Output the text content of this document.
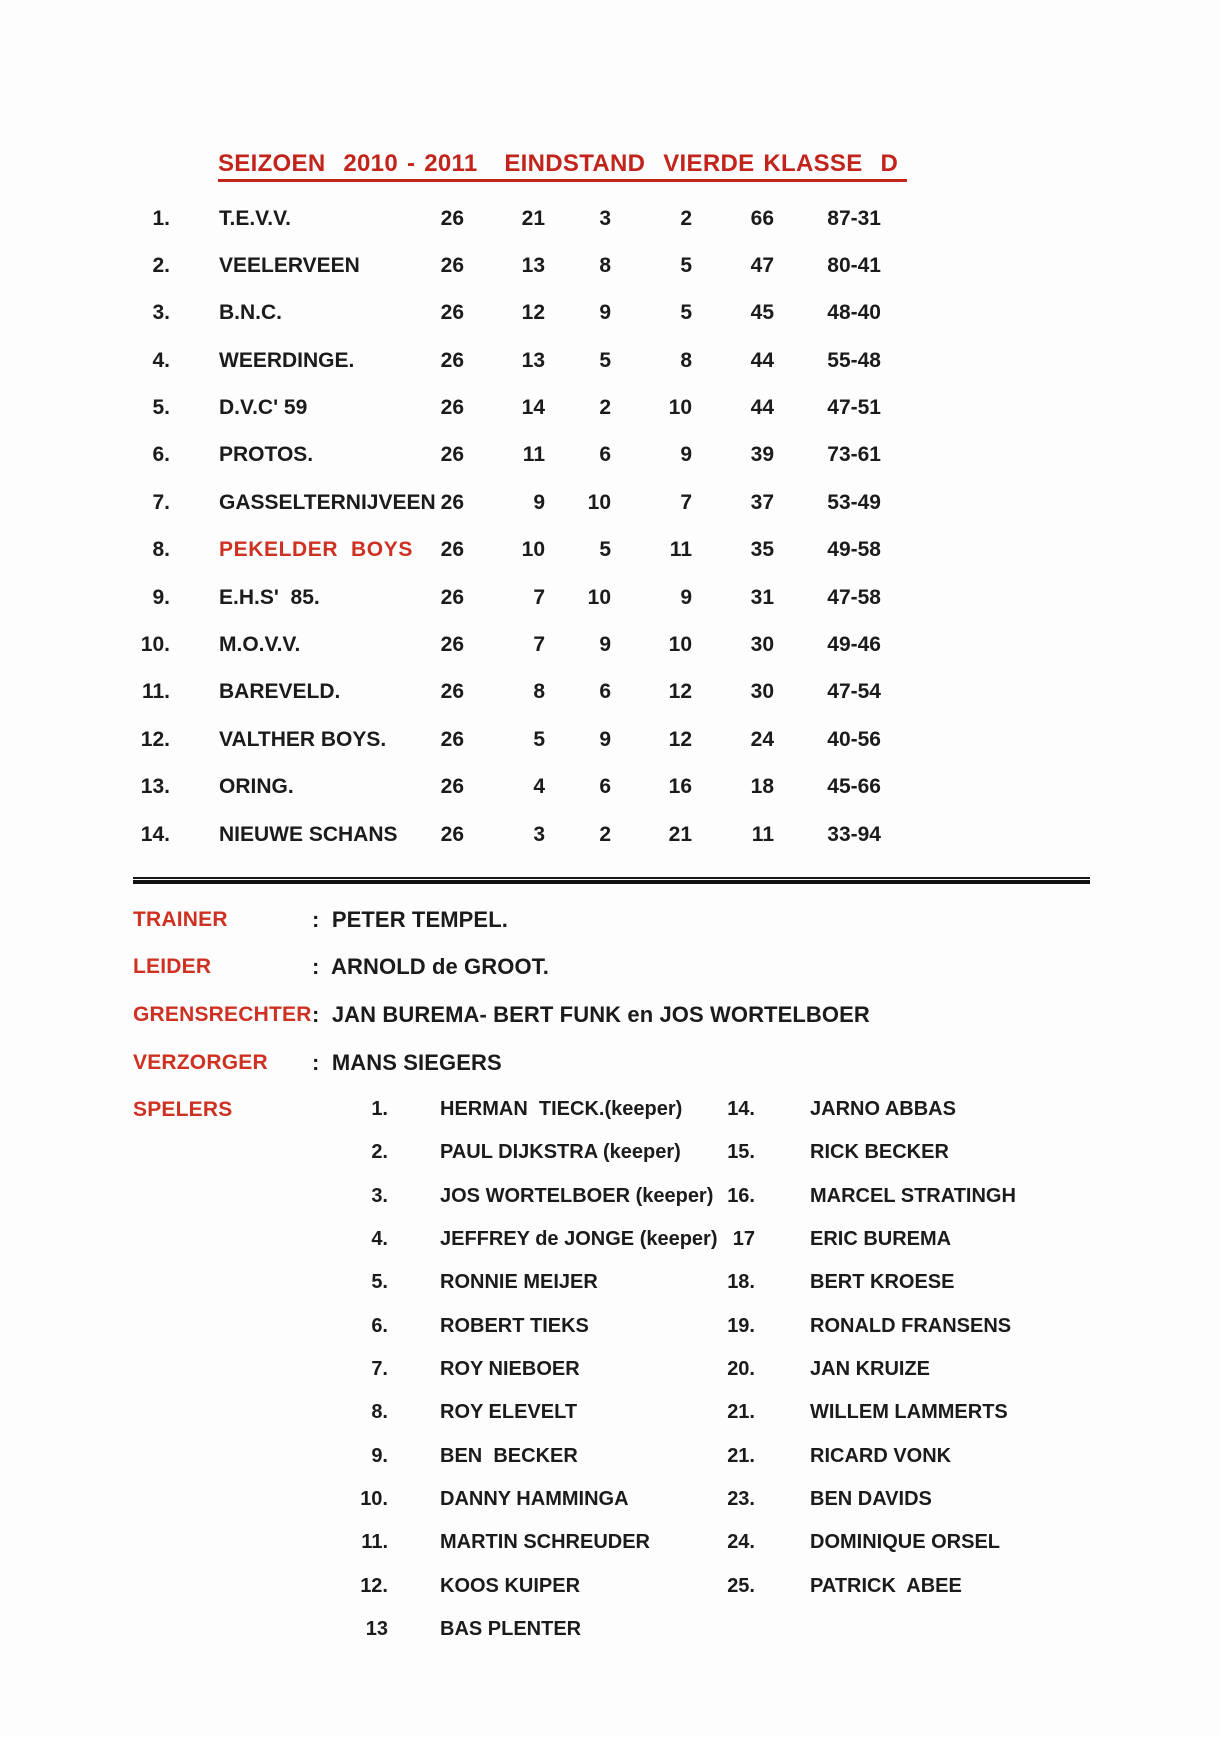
SEIZOEN  2010 - 2011   EINDSTAND  VIERDE KLASSE  D
1. T.E.V.V.	26	21	3	2	66	87-31
2. VEELERVEEN	26	13	8	5	47	80-41
3. B.N.C.	26	12	9	5	45	48-40
4. WEERDINGE.	26	13	5	8	44	55-48
5. D.V.C' 59	26	14	2	10	44	47-51
6. PROTOS.	26	11	6	9	39	73-61
7. GASSELTERNIJVEEN 26	9	10	7	37	53-49
8. PEKELDER  BOYS	26	10	5	11	35	49-58
9. E.H.S'  85.	26	7	10	9	31	47-58
10. M.O.V.V.	26	7	9	10	30	49-46
11. BAREVELD.	26	8	6	12	30	47-54
12. VALTHER BOYS.	26	5	9	12	24	40-56
13. ORING.	26	4	6	16	18	45-66
14. NIEUWE SCHANS	26	3	2	21	11	33-94
TRAINER	:  PETER TEMPEL.
LEIDER	:  ARNOLD de GROOT.
GRENSRECHTER :  JAN BUREMA- BERT FUNK en JOS WORTELBOER
VERZORGER :  MANS SIEGERS
SPELERS	1.	HERMAN  TIECK.(keeper)
2.	PAUL DIJKSTRA (keeper)
3.	JOS WORTELBOER (keeper)
4.	JEFFREY de JONGE (keeper)
5.	RONNIE MEIJER
6.	ROBERT TIEKS
7.	ROY NIEBOER
8.	ROY ELEVELT
9.	BEN  BECKER
10.	DANNY HAMMINGA
11.	MARTIN SCHREUDER
12.	KOOS KUIPER
13	BAS PLENTER
14.	JARNO ABBAS
15.	RICK BECKER
16.	MARCEL STRATINGH
17	ERIC BUREMA
18.	BERT KROESE
19.	RONALD FRANSENS
20.	JAN KRUIZE
21.	WILLEM LAMMERTS
21.	RICARD VONK
23.	BEN DAVIDS
24.	DOMINIQUE ORSEL
25.	PATRICK  ABEE
